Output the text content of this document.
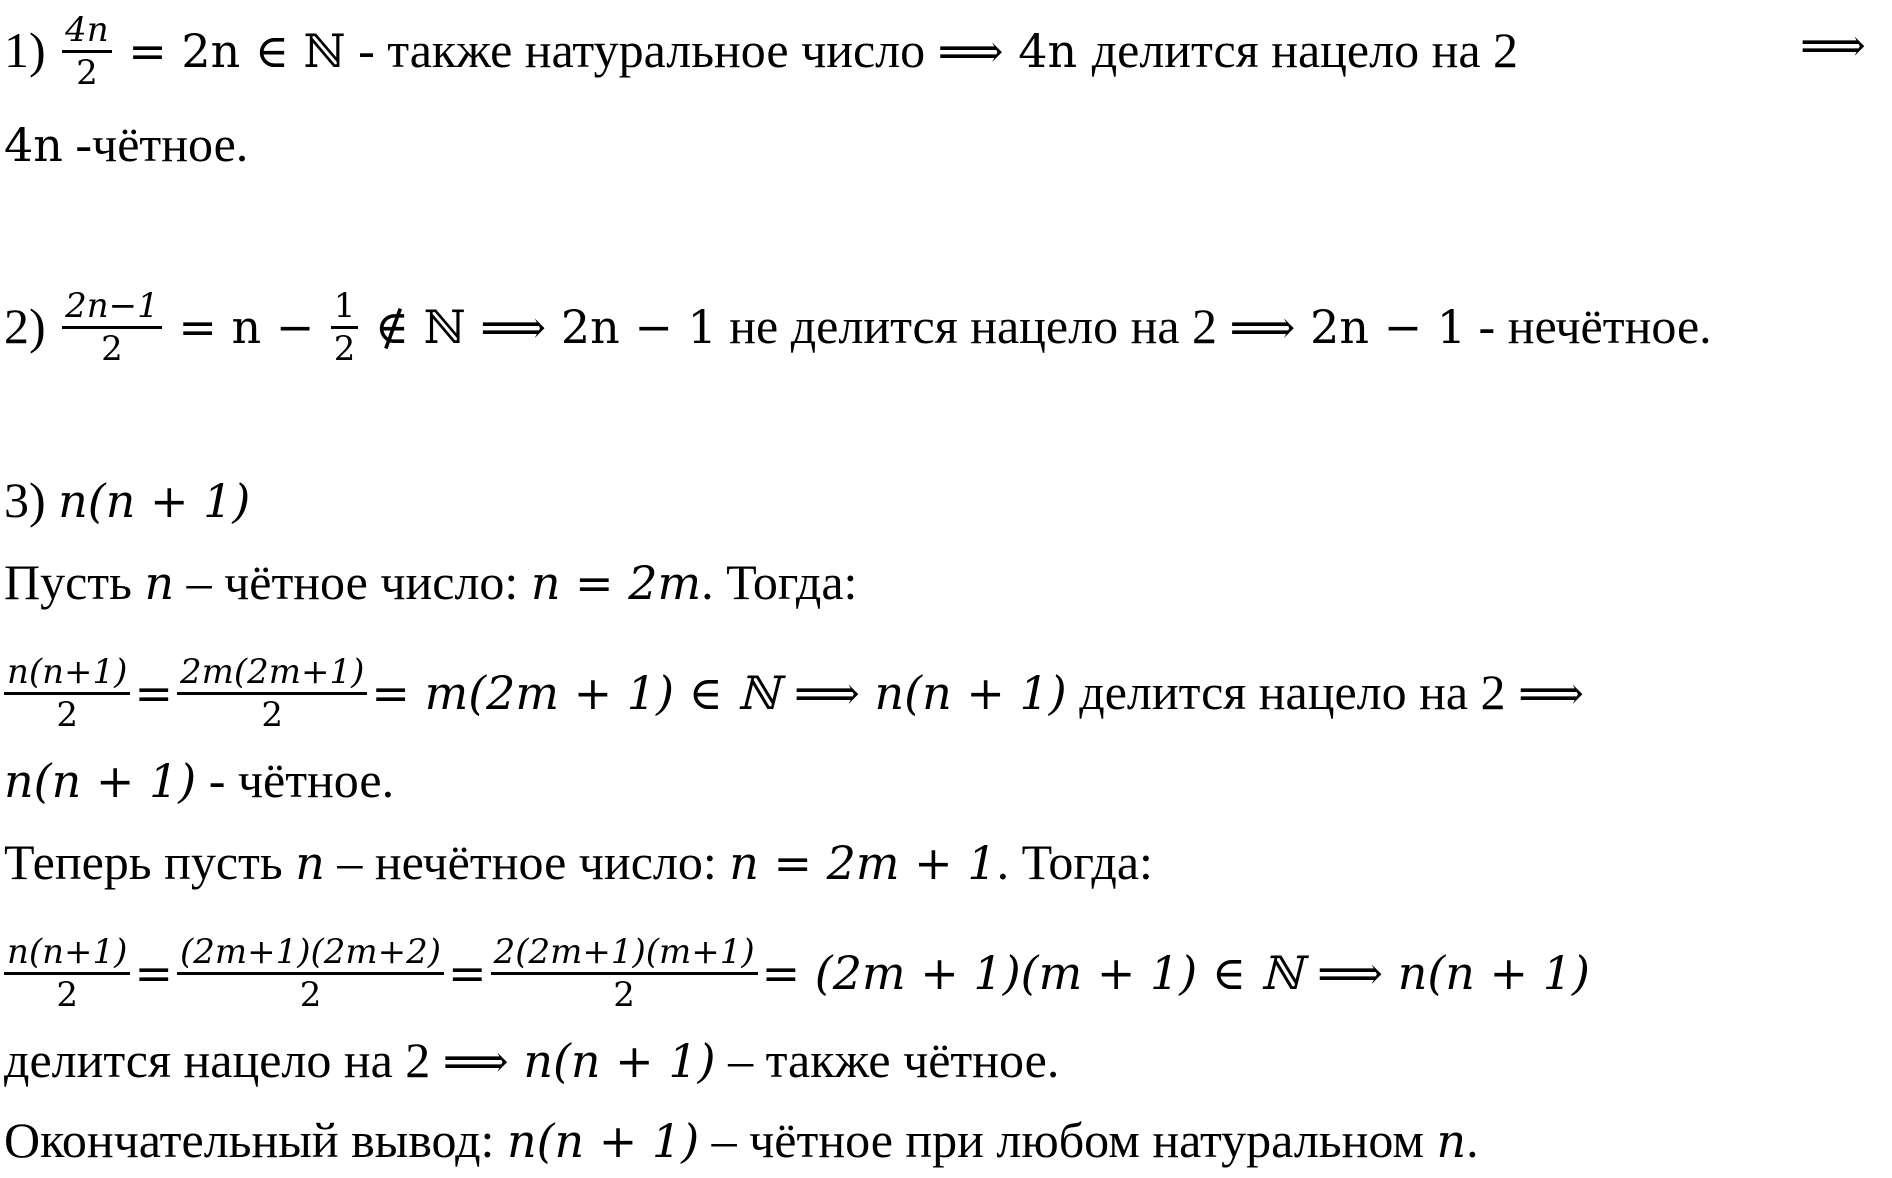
$1) \frac{4n}{2} = 2n$ ∈ ℕ - также натуральное число ⟹ 4n делится нацело на 2	⟹
4n -чётное.
$2) \frac{2n-1}{2} = n - \frac{1}{2}$ ∉ ℕ ⟹ 2n − 1 не делится нацело на 2 ⟹ 2n − 1 - нечётное.
3) n(n + 1)
Пусть n – чётное число: n = 2m. Тогда:
$\frac{n(n+1)}{2} = \frac{2m(2m+1)}{2} = m(2m + 1)$ ∈ ℕ ⟹ n(n + 1) делится нацело на 2 ⟹
n(n + 1) - чётное.
Теперь пусть n – нечётное число: n = 2m + 1. Тогда:
$\frac{n(n+1)}{2} = \frac{(2m+1)(2m+2)}{2} = \frac{2(2m+1)(m+1)}{2} = (2m + 1)(m + 1)$ ∈ ℕ ⟹ n(n + 1)
делится нацело на 2 ⟹ n(n + 1) – также чётное.
Окончательный вывод: n(n + 1) – чётное при любом натуральном n.
